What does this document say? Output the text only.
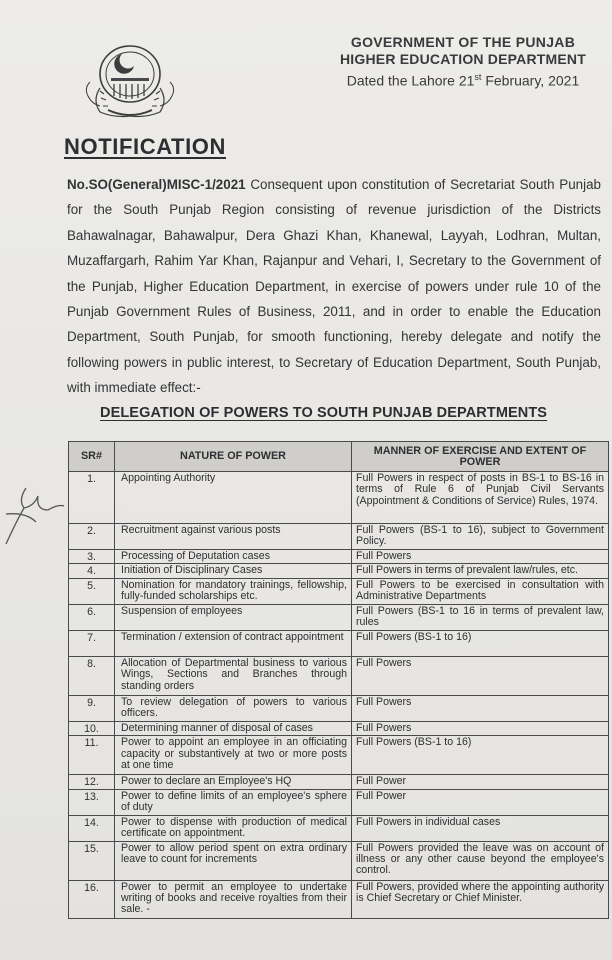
GOVERNMENT OF THE PUNJAB
HIGHER EDUCATION DEPARTMENT
Dated the Lahore 21st February, 2021
NOTIFICATION
No.SO(General)MISC-1/2021 Consequent upon constitution of Secretariat South Punjab for the South Punjab Region consisting of revenue jurisdiction of the Districts Bahawalnagar, Bahawalpur, Dera Ghazi Khan, Khanewal, Layyah, Lodhran, Multan, Muzaffargarh, Rahim Yar Khan, Rajanpur and Vehari, I, Secretary to the Government of the Punjab, Higher Education Department, in exercise of powers under rule 10 of the Punjab Government Rules of Business, 2011, and in order to enable the Education Department, South Punjab, for smooth functioning, hereby delegate and notify the following powers in public interest, to Secretary of Education Department, South Punjab, with immediate effect:-
DELEGATION OF POWERS TO SOUTH PUNJAB DEPARTMENTS
SR#	NATURE OF POWER	MANNER OF EXERCISE AND EXTENT OF POWER
1.	Appointing Authority	Full Powers in respect of posts in BS-1 to BS-16 in terms of Rule 6 of Punjab Civil Servants (Appointment & Conditions of Service) Rules, 1974.
2.	Recruitment against various posts	Full Powers (BS-1 to 16), subject to Government Policy.
3.	Processing of Deputation cases	Full Powers
4.	Initiation of Disciplinary Cases	Full Powers in terms of prevalent law/rules, etc.
5.	Nomination for mandatory trainings, fellowship, fully-funded scholarships etc.	Full Powers to be exercised in consultation with Administrative Departments
6.	Suspension of employees	Full Powers (BS-1 to 16 in terms of prevalent law, rules
7.	Termination / extension of contract appointment	Full Powers (BS-1 to 16)
8.	Allocation of Departmental business to various Wings, Sections and Branches through standing orders	Full Powers
9.	To review delegation of powers to various officers.	Full Powers
10.	Determining manner of disposal of cases	Full Powers
11.	Power to appoint an employee in an officiating capacity or substantively at two or more posts at one time	Full Powers (BS-1 to 16)
12.	Power to declare an Employee's HQ	Full Power
13.	Power to define limits of an employee's sphere of duty	Full Power
14.	Power to dispense with production of medical certificate on appointment.	Full Powers in individual cases
15.	Power to allow period spent on extra ordinary leave to count for increments	Full Powers provided the leave was on account of illness or any other cause beyond the employee's control.
16.	Power to permit an employee to undertake writing of books and receive royalties from their sale. -	Full Powers, provided where the appointing authority is Chief Secretary or Chief Minister.
